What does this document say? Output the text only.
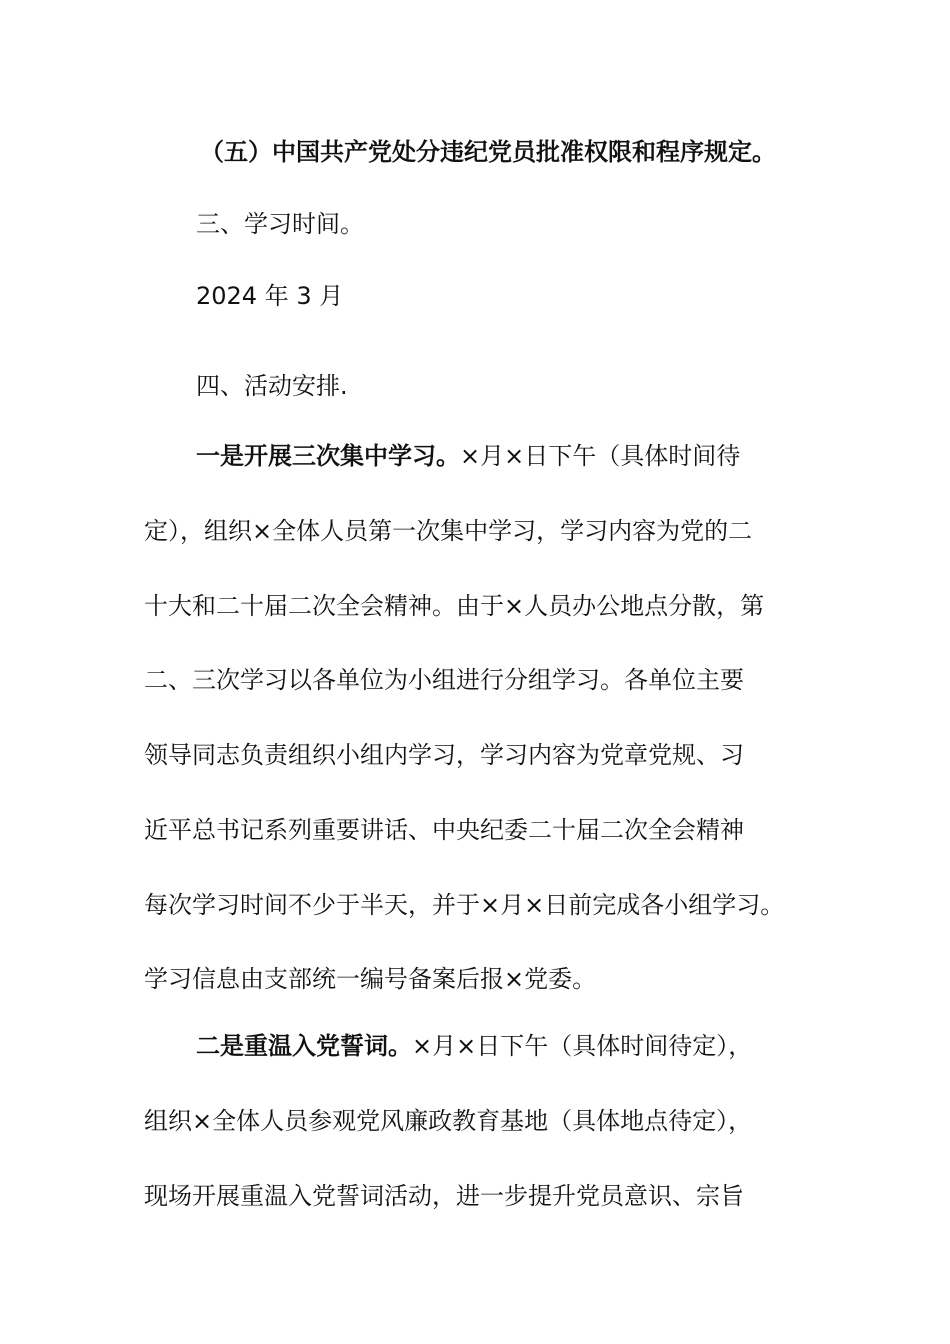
（五）中国共产党处分违纪党员批准权限和程序规定。
三、学习时间。
2024 年 3 月
四、活动安排.
一是开展三次集中学习。×月×日下午（具体时间待
定），组织×全体人员第一次集中学习，学习内容为党的二
十大和二十届二次全会精神。由于×人员办公地点分散，第
二、三次学习以各单位为小组进行分组学习。各单位主要
领导同志负责组织小组内学习，学习内容为党章党规、习
近平总书记系列重要讲话、中央纪委二十届二次全会精神
每次学习时间不少于半天，并于×月×日前完成各小组学习。
学习信息由支部统一编号备案后报×党委。
二是重温入党誓词。×月×日下午（具体时间待定），
组织×全体人员参观党风廉政教育基地（具体地点待定），
现场开展重温入党誓词活动，进一步提升党员意识、宗旨
